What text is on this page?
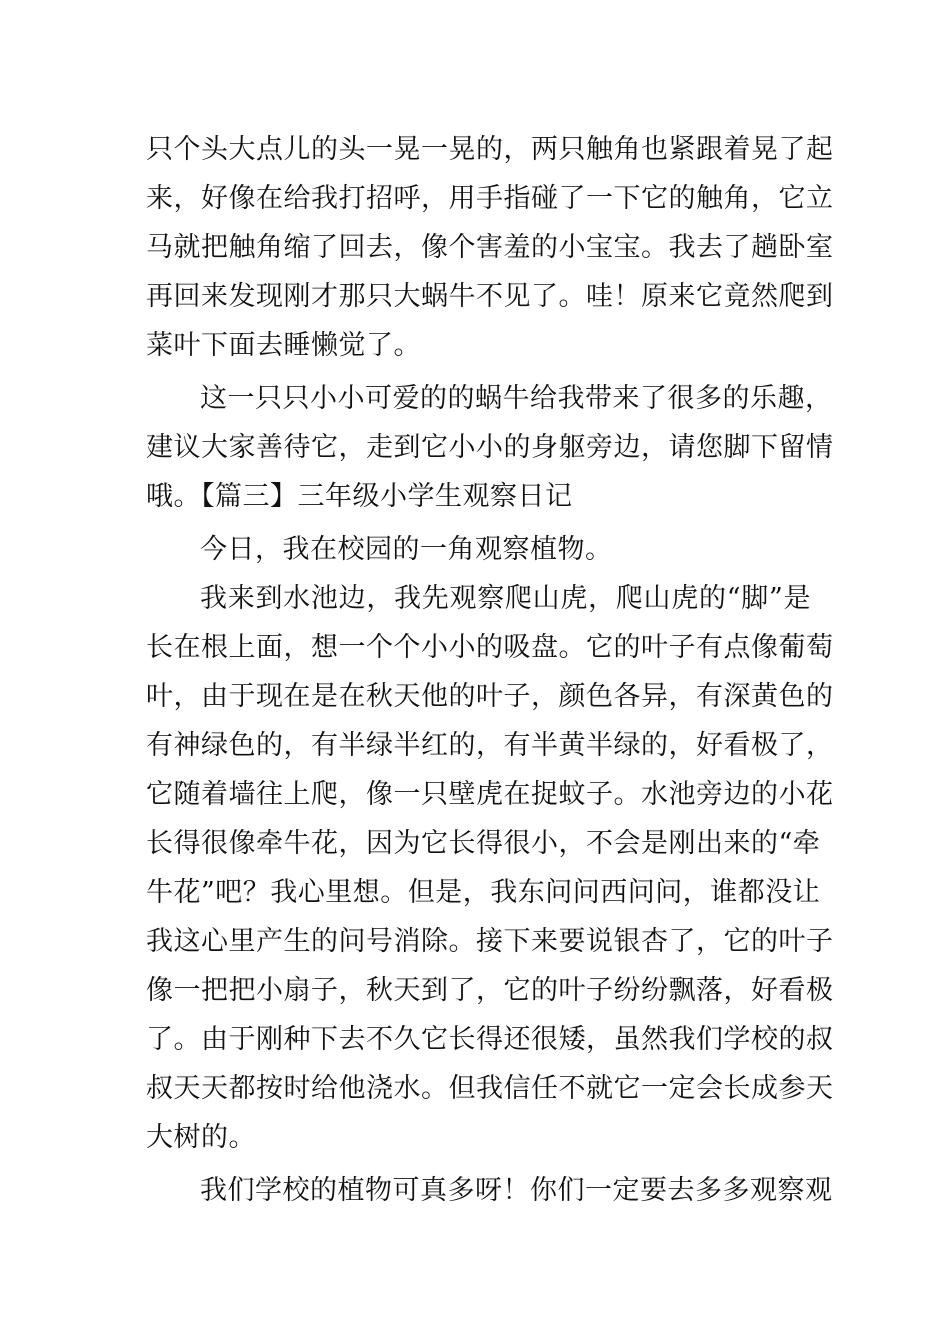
只个头大点儿的头一晃一晃的，两只触角也紧跟着晃了起
来，好像在给我打招呼，用手指碰了一下它的触角，它立
马就把触角缩了回去，像个害羞的小宝宝。我去了趟卧室
再回来发现刚才那只大蜗牛不见了。哇！原来它竟然爬到
菜叶下面去睡懒觉了。
这一只只小小可爱的的蜗牛给我带来了很多的乐趣，
建议大家善待它，走到它小小的身躯旁边，请您脚下留情
哦。【篇三】三年级小学生观察日记
今日，我在校园的一角观察植物。
我来到水池边，我先观察爬山虎，爬山虎的“脚”是
长在根上面，想一个个小小的吸盘。它的叶子有点像葡萄
叶，由于现在是在秋天他的叶子，颜色各异，有深黄色的
有神绿色的，有半绿半红的，有半黄半绿的，好看极了，
它随着墙往上爬，像一只壁虎在捉蚊子。水池旁边的小花
长得很像牵牛花，因为它长得很小，不会是刚出来的“牵
牛花”吧？我心里想。但是，我东问问西问问，谁都没让
我这心里产生的问号消除。接下来要说银杏了，它的叶子
像一把把小扇子，秋天到了，它的叶子纷纷飘落，好看极
了。由于刚种下去不久它长得还很矮，虽然我们学校的叔
叔天天都按时给他浇水。但我信任不就它一定会长成参天
大树的。
我们学校的植物可真多呀！你们一定要去多多观察观
